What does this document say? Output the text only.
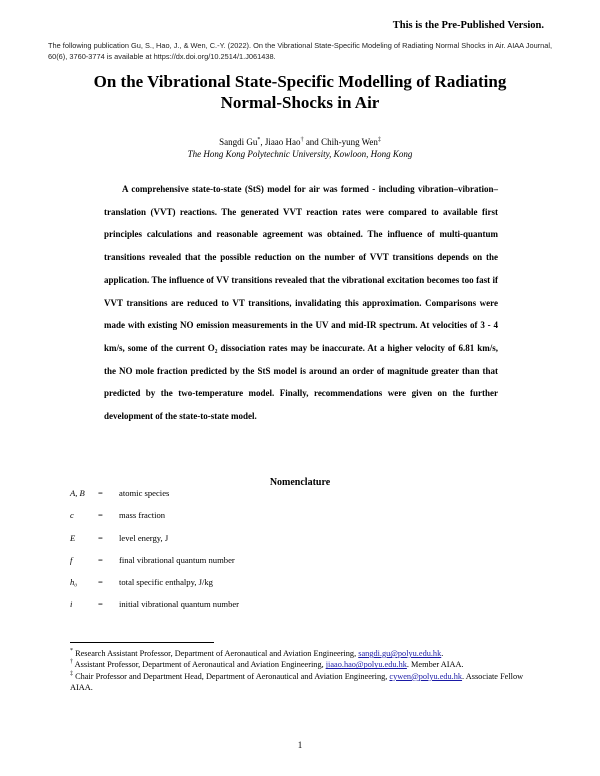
This is the Pre-Published Version.
The following publication Gu, S., Hao, J., & Wen, C.-Y. (2022). On the Vibrational State-Specific Modeling of Radiating Normal Shocks in Air. AIAA Journal, 60(6), 3760-3774 is available at https://dx.doi.org/10.2514/1.J061438.
On the Vibrational State-Specific Modelling of Radiating
Normal-Shocks in Air
Sangdi Gu*, Jiaao Hao† and Chih-yung Wen‡
The Hong Kong Polytechnic University, Kowloon, Hong Kong
A comprehensive state-to-state (StS) model for air was formed - including vibration–vibration–translation (VVT) reactions. The generated VVT reaction rates were compared to available first principles calculations and reasonable agreement was obtained. The influence of multi-quantum transitions revealed that the possible reduction on the number of VVT transitions depends on the application. The influence of VV transitions revealed that the vibrational excitation becomes too fast if VVT transitions are reduced to VT transitions, invalidating this approximation. Comparisons were made with existing NO emission measurements in the UV and mid-IR spectrum. At velocities of 3 - 4 km/s, some of the current O₂ dissociation rates may be inaccurate. At a higher velocity of 6.81 km/s, the NO mole fraction predicted by the StS model is around an order of magnitude greater than that predicted by the two-temperature model. Finally, recommendations were given on the further development of the state-to-state model.
Nomenclature
A, B = atomic species
c	= mass fraction
E	= level energy, J
f	= final vibrational quantum number
h₀ = total specific enthalpy, J/kg
i	= initial vibrational quantum number

* Research Assistant Professor, Department of Aeronautical and Aviation Engineering, sangdi.gu@polyu.edu.hk.

† Assistant Professor, Department of Aeronautical and Aviation Engineering, jiaao.hao@polyu.edu.hk. Member AIAA.

‡ Chair Professor and Department Head, Department of Aeronautical and Aviation Engineering, cywen@polyu.edu.hk. Associate Fellow AIAA.

1
